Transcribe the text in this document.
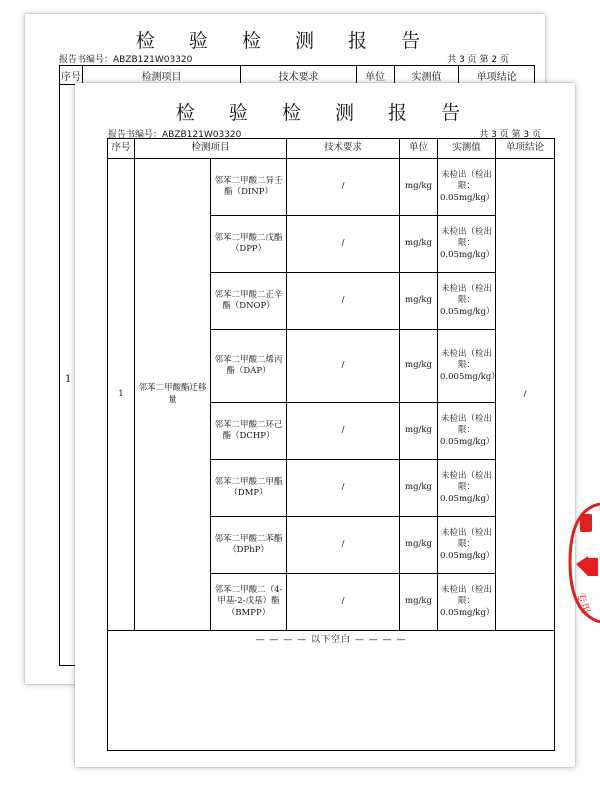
检 验 检 测 报 告
报告书编号：ABZB121W03320	共 3 页 第 2 页
序号	检测项目	技术要求	单位	实测值	单项结论
1
检 验 检 测 报 告
报告书编号：ABZB121W03320	共 3 页 第 3 页
序号	检测项目		技术要求	单位	实测值	单项结论
1	邻苯二甲酸酯迁移量	邻苯二甲酸二异壬酯（DINP）	/	mg/kg	未检出（检出限：0.05mg/kg）	/
		邻苯二甲酸二戊酯（DPP）	/	mg/kg	未检出（检出限：0.05mg/kg）	
		邻苯二甲酸二正辛酯（DNOP）	/	mg/kg	未检出（检出限：0.05mg/kg）	
		邻苯二甲酸二烯丙酯（DAP）	/	mg/kg	未检出（检出限：0.005mg/kg）	
		邻苯二甲酸二环己酯（DCHP）	/	mg/kg	未检出（检出限：0.05mg/kg）	
		邻苯二甲酸二甲酯（DMP）	/	mg/kg	未检出（检出限：0.05mg/kg）	
		邻苯二甲酸二苯酯（DPhP）	/	mg/kg	未检出（检出限：0.05mg/kg）	
		邻苯二甲酸二（4-甲基-2-戊基）酯（BMPP）	/	mg/kg	未检出（检出限：0.05mg/kg）	
— — — — 以下空白 — — — —						
专用
